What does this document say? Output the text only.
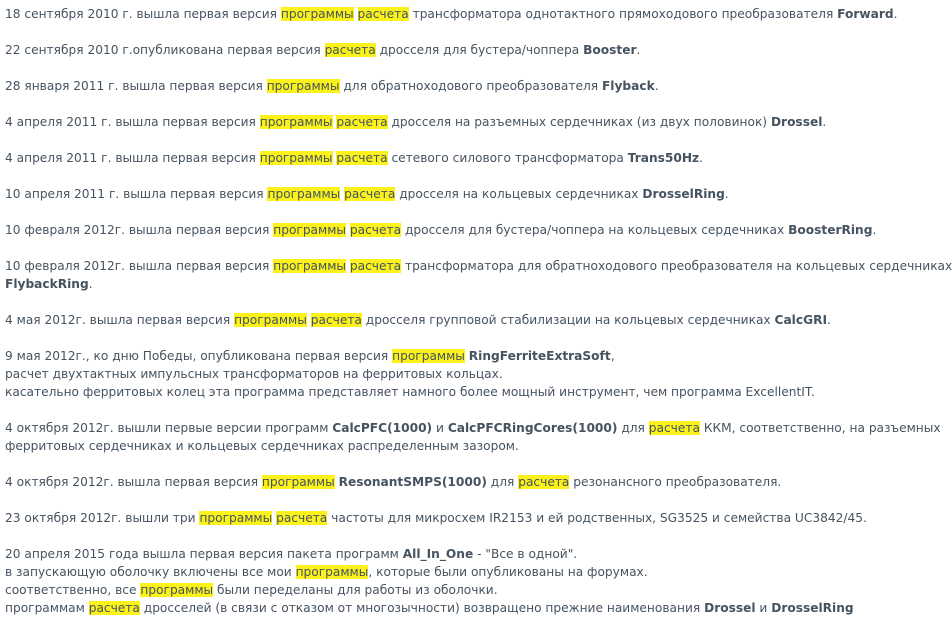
18 сентября 2010 г. вышла первая версия программы расчета трансформатора однотактного прямоходового преобразователя Forward.
22 сентября 2010 г.опубликована первая версия расчета дросселя для бустера/чоппера Booster.
28 января 2011 г. вышла первая версия программы для обратноходового преобразователя Flyback.
4 апреля 2011 г. вышла первая версия программы расчета дросселя на разъемных сердечниках (из двух половинок) Drossel.
4 апреля 2011 г. вышла первая версия программы расчета сетевого силового трансформатора Trans50Hz.
10 апреля 2011 г. вышла первая версия программы расчета дросселя на кольцевых сердечниках DrosselRing.
10 февраля 2012г. вышла первая версия программы расчета дросселя для бустера/чоппера на кольцевых сердечниках BoosterRing.
10 февраля 2012г. вышла первая версия программы расчета трансформатора для обратноходового преобразователя на кольцевых сердечниках
FlybackRing.
4 мая 2012г. вышла первая версия программы расчета дросселя групповой стабилизации на кольцевых сердечниках CalcGRI.
9 мая 2012г., ко дню Победы, опубликована первая версия программы RingFerriteExtraSoft,
расчет двухтактных импульсных трансформаторов на ферритовых кольцах.
касательно ферритовых колец эта программа представляет намного более мощный инструмент, чем программа ExcellentIT.
4 октября 2012г. вышли первые версии программ CalcPFC(1000) и CalcPFCRingCores(1000) для расчета ККМ, соответственно, на разъемных
ферритовых сердечниках и кольцевых сердечниках распределенным зазором.
4 октября 2012г. вышла первая версия программы ResonantSMPS(1000) для расчета резонансного преобразователя.
23 октября 2012г. вышли три программы расчета частоты для микросхем IR2153 и ей родственных, SG3525 и семейства UC3842/45.
20 апреля 2015 года вышла первая версия пакета программ All_In_One - "Все в одной".
в запускающую оболочку включены все мои программы, которые были опубликованы на форумах.
соответственно, все программы были переделаны для работы из оболочки.
программам расчета дросселей (в связи с отказом от многозычности) возвращено прежние наименования Drossel и DrosselRing
